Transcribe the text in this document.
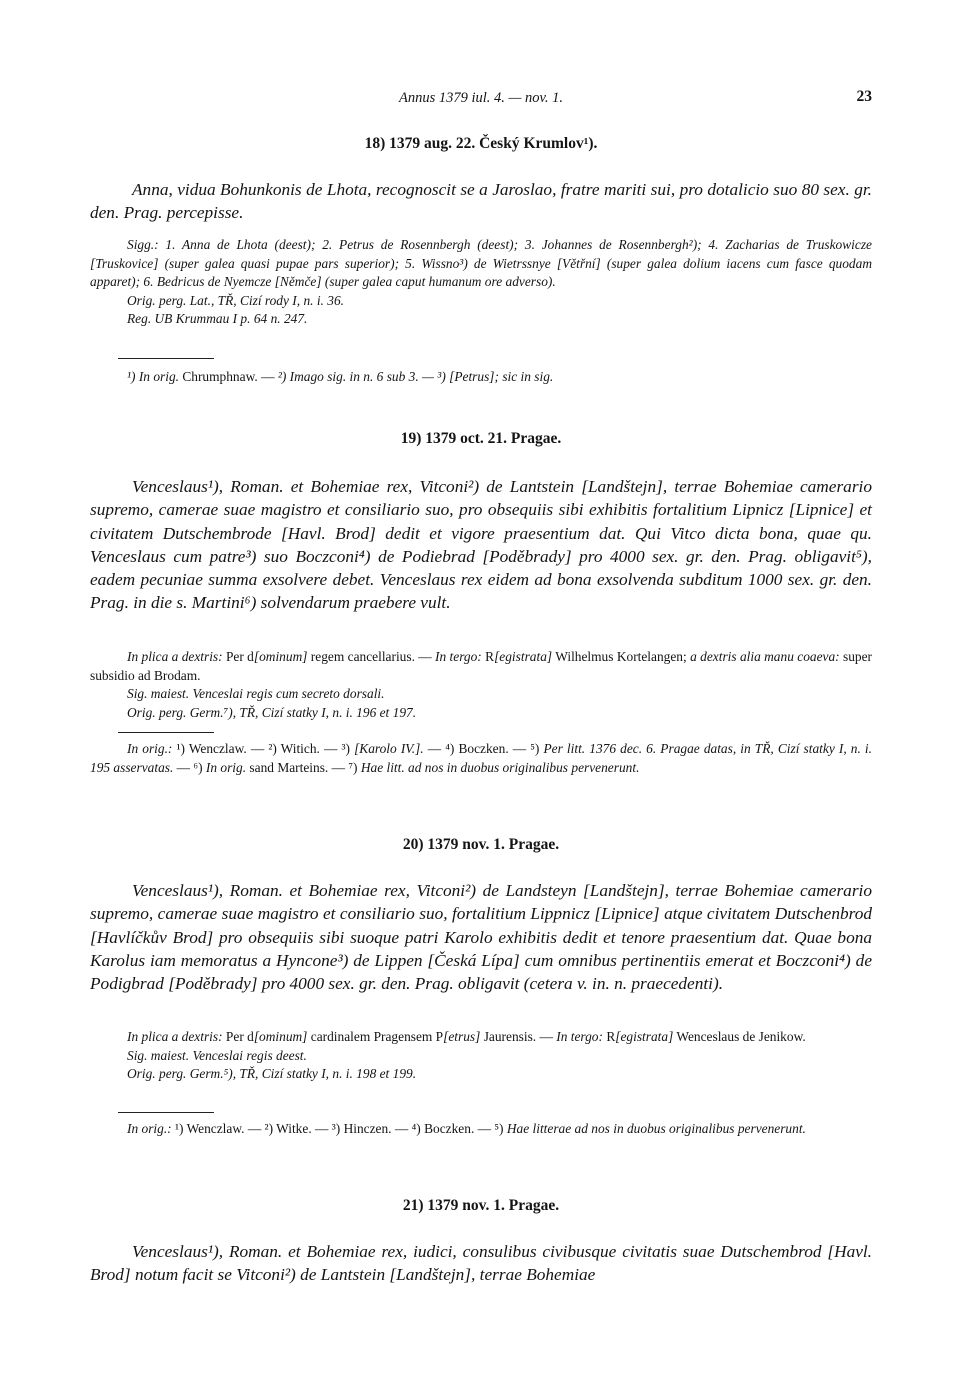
Annus 1379 iul. 4. — nov. 1.	23
18) 1379 aug. 22. Český Krumlov¹).

Anna, vidua Bohunkonis de Lhota, recognoscit se a Jaroslao, fratre mariti sui, pro dotalicio suo 80 sex. gr. den. Prag. percepisse.

Sigg.: 1. Anna de Lhota (deest); 2. Petrus de Rosennbergh (deest); 3. Johannes de Rosennbergh²); 4. Zacharias de Truskowicze [Truskovice] (super galea quasi pupae pars superior); 5. Wissno³) de Wietrssnye [Větřní] (super galea dolium iacens cum fasce quodam apparet); 6. Bedricus de Nyemcze [Němče] (super galea caput humanum ore adverso).

Orig. perg. Lat., TŘ, Cizí rody I, n. i. 36.

Reg. UB Krummau I p. 64 n. 247.

¹) In orig. Chrumphnaw. — ²) Imago sig. in n. 6 sub 3. — ³) [Petrus]; sic in sig.

19) 1379 oct. 21. Pragae.

Venceslaus¹), Roman. et Bohemiae rex, Vitconi²) de Lantstein [Landštejn], terrae Bohemiae camerario supremo, camerae suae magistro et consiliario suo, pro obsequiis sibi exhibitis fortalitium Lipnicz [Lipnice] et civitatem Dutschembrode [Havl. Brod] dedit et vigore praesentium dat. Qui Vitco dicta bona, quae qu. Venceslaus cum patre³) suo Boczconi⁴) de Podiebrad [Poděbrady] pro 4000 sex. gr. den. Prag. obligavit⁵), eadem pecuniae summa exsolvere debet. Venceslaus rex eidem ad bona exsolvenda subditum 1000 sex. gr. den. Prag. in die s. Martini⁶) solvendarum praebere vult.

In plica a dextris: Per d[ominum] regem cancellarius. — In tergo: R[egistrata] Wilhelmus Kortelangen; a dextris alia manu coaeva: super subsidio ad Brodam.

Sig. maiest. Venceslai regis cum secreto dorsali.

Orig. perg. Germ.⁷), TŘ, Cizí statky I, n. i. 196 et 197.

In orig.: ¹) Wenczlaw. — ²) Witich. — ³) [Karolo IV.]. — ⁴) Boczken. — ⁵) Per litt. 1376 dec. 6. Pragae datas, in TŘ, Cizí statky I, n. i. 195 asservatas. — ⁶) In orig. sand Marteins. — ⁷) Hae litt. ad nos in duobus originalibus pervenerunt.

20) 1379 nov. 1. Pragae.

Venceslaus¹), Roman. et Bohemiae rex, Vitconi²) de Landsteyn [Landštejn], terrae Bohemiae camerario supremo, camerae suae magistro et consiliario suo, fortalitium Lippnicz [Lipnice] atque civitatem Dutschenbrod [Havlíčkův Brod] pro obsequiis sibi suoque patri Karolo exhibitis dedit et tenore praesentium dat. Quae bona Karolus iam memoratus a Hyncone³) de Lippen [Česká Lípa] cum omnibus pertinentiis emerat et Boczconi⁴) de Podigbrad [Poděbrady] pro 4000 sex. gr. den. Prag. obligavit (cetera v. in. n. praecedenti).

In plica a dextris: Per d[ominum] cardinalem Pragensem P[etrus] Jaurensis. — In tergo: R[egistrata] Wenceslaus de Jenikow.

Sig. maiest. Venceslai regis deest.

Orig. perg. Germ.⁵), TŘ, Cizí statky I, n. i. 198 et 199.

In orig.: ¹) Wenczlaw. — ²) Witke. — ³) Hinczen. — ⁴) Boczken. — ⁵) Hae litterae ad nos in duobus originalibus pervenerunt.

21) 1379 nov. 1. Pragae.

Venceslaus¹), Roman. et Bohemiae rex, iudici, consulibus civibusque civitatis suae Dutschembrod [Havl. Brod] notum facit se Vitconi²) de Lantstein [Landštejn], terrae Bohemiae
